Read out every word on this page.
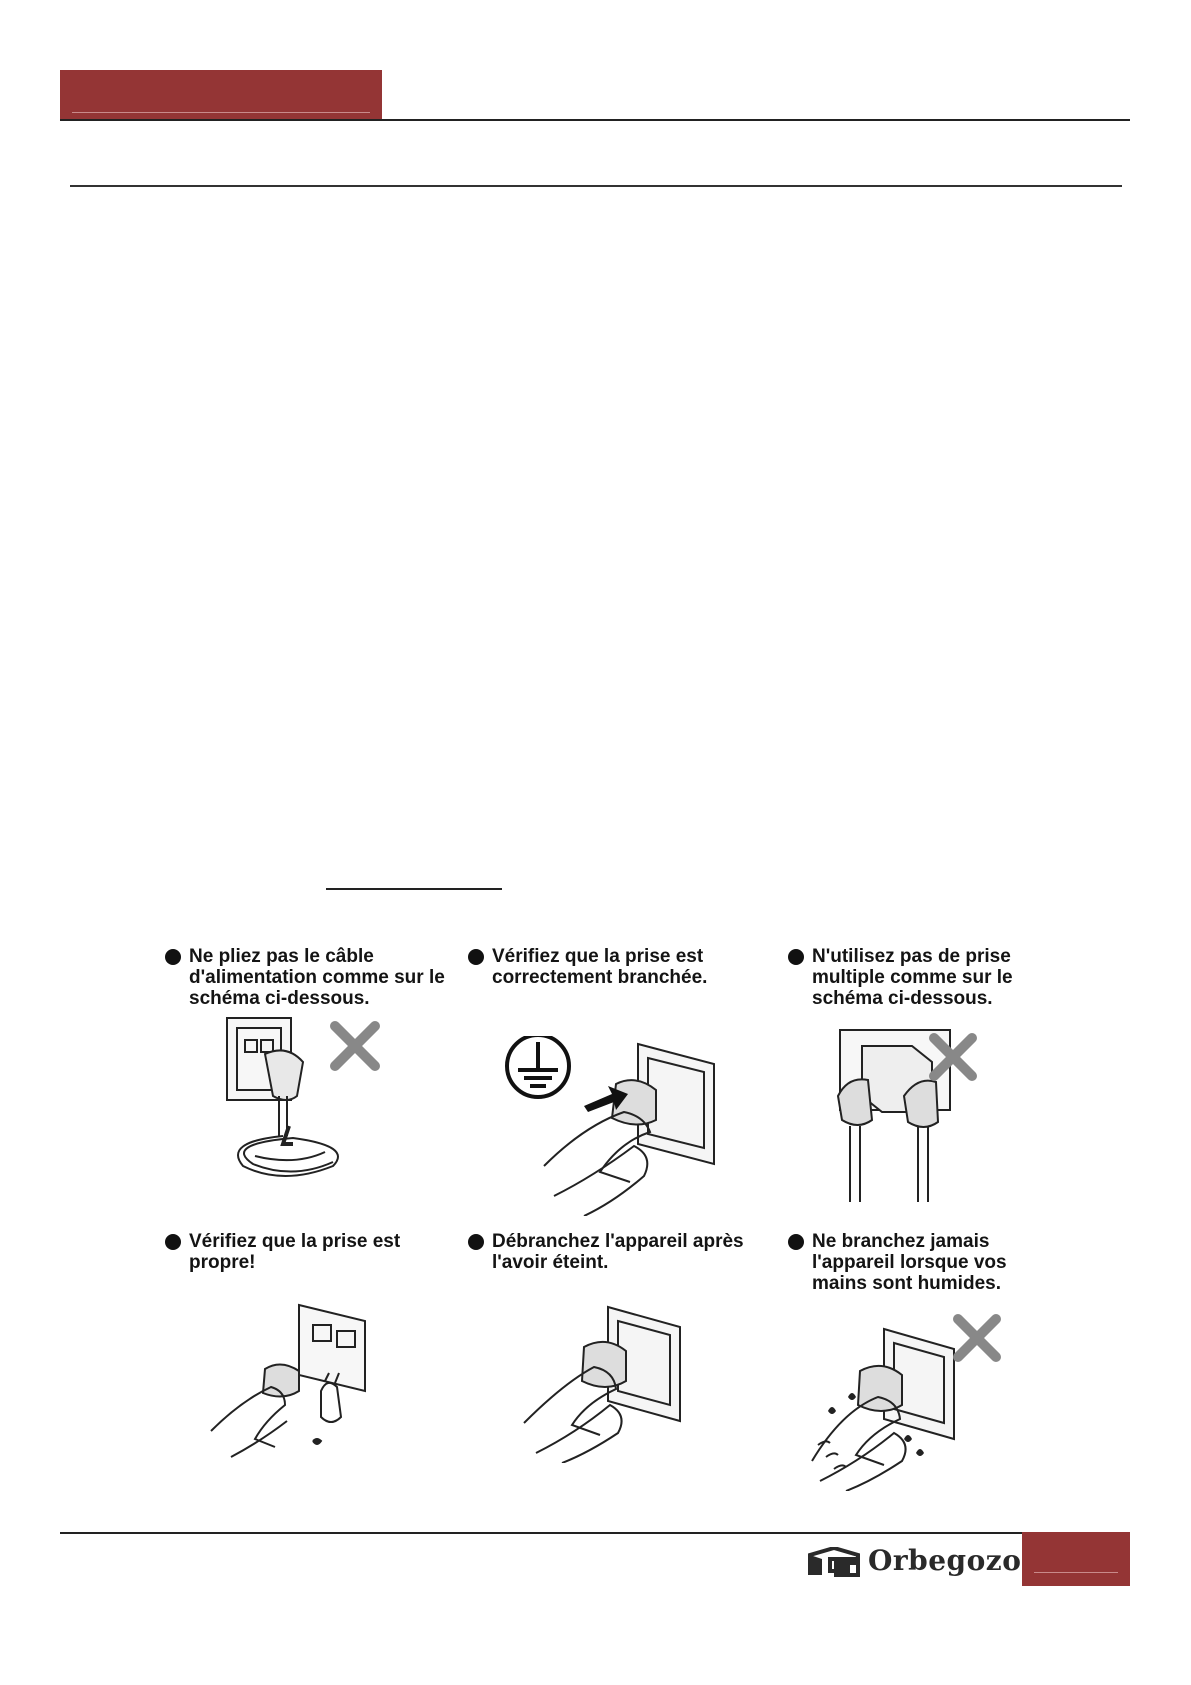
Ne pliez pas le câble
d'alimentation comme sur le
schéma ci-dessous.
Vérifiez que la prise est
correctement branchée.
N'utilisez pas de prise
multiple comme sur le
schéma ci-dessous.
Vérifiez que la prise est
propre!
Débranchez l'appareil après
l'avoir éteint.
Ne branchez jamais
l'appareil lorsque vos
mains sont humides.
Orbegozo
